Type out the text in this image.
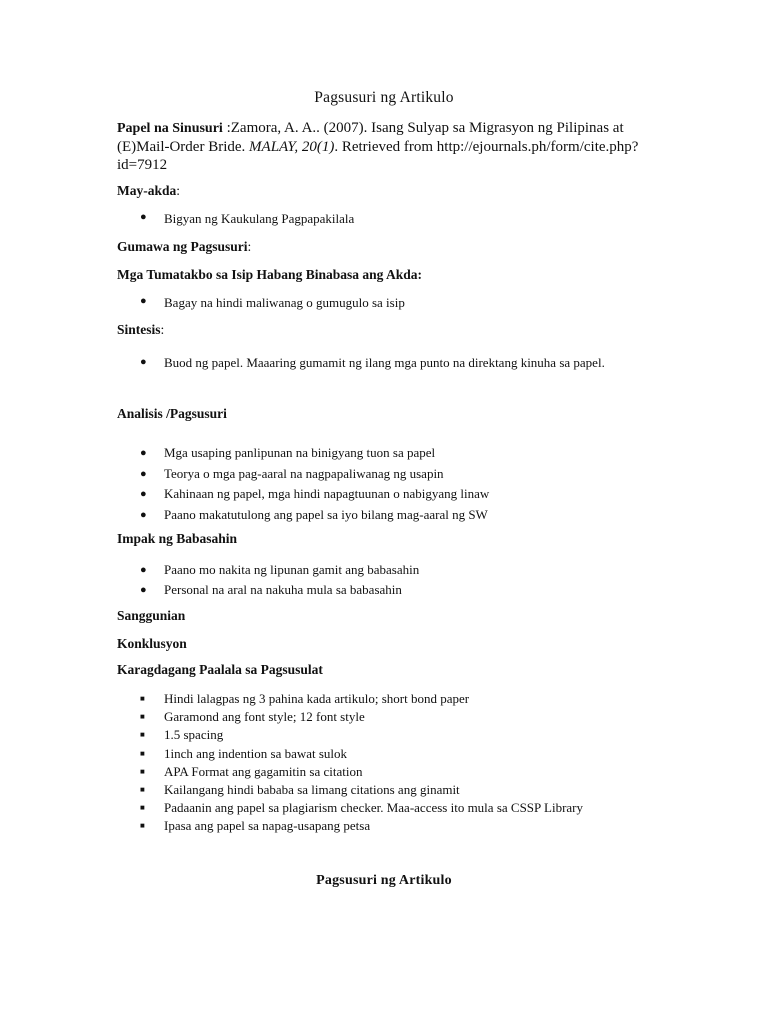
Pagsusuri ng Artikulo
Papel na Sinusuri :Zamora, A. A.. (2007). Isang Sulyap sa Migrasyon ng Pilipinas at (E)Mail-Order Bride. MALAY, 20(1). Retrieved from http://ejournals.ph/form/cite.php?id=7912
May-akda:
● Bigyan ng Kaukulang Pagpapakilala
Gumawa ng Pagsusuri:
Mga Tumatakbo sa Isip Habang Binabasa ang Akda:
● Bagay na hindi maliwanag o gumugulo sa isip
Sintesis:
● Buod ng papel. Maaaring gumamit ng ilang mga punto na direktang kinuha sa papel.
Analisis /Pagsusuri
● Mga usaping panlipunan na binigyang tuon sa papel
● Teorya o mga pag-aaral na nagpapaliwanag ng usapin
● Kahinaan ng papel, mga hindi napagtuunan o nabigyang linaw
● Paano makatutulong ang papel sa iyo bilang mag-aaral ng SW
Impak ng Babasahin
● Paano mo nakita ng lipunan gamit ang babasahin
● Personal na aral na nakuha mula sa babasahin
Sanggunian
Konklusyon
Karagdagang Paalala sa Pagsusulat
■ Hindi lalagpas ng 3 pahina kada artikulo; short bond paper
■ Garamond ang font style; 12 font style
■ 1.5 spacing
■ 1inch ang indention sa bawat sulok
■ APA Format ang gagamitin sa citation
■ Kailangang hindi bababa sa limang citations ang ginamit
■ Padaanin ang papel sa plagiarism checker. Maa-access ito mula sa CSSP Library
■ Ipasa ang papel sa napag-usapang petsa
Pagsusuri ng Artikulo
